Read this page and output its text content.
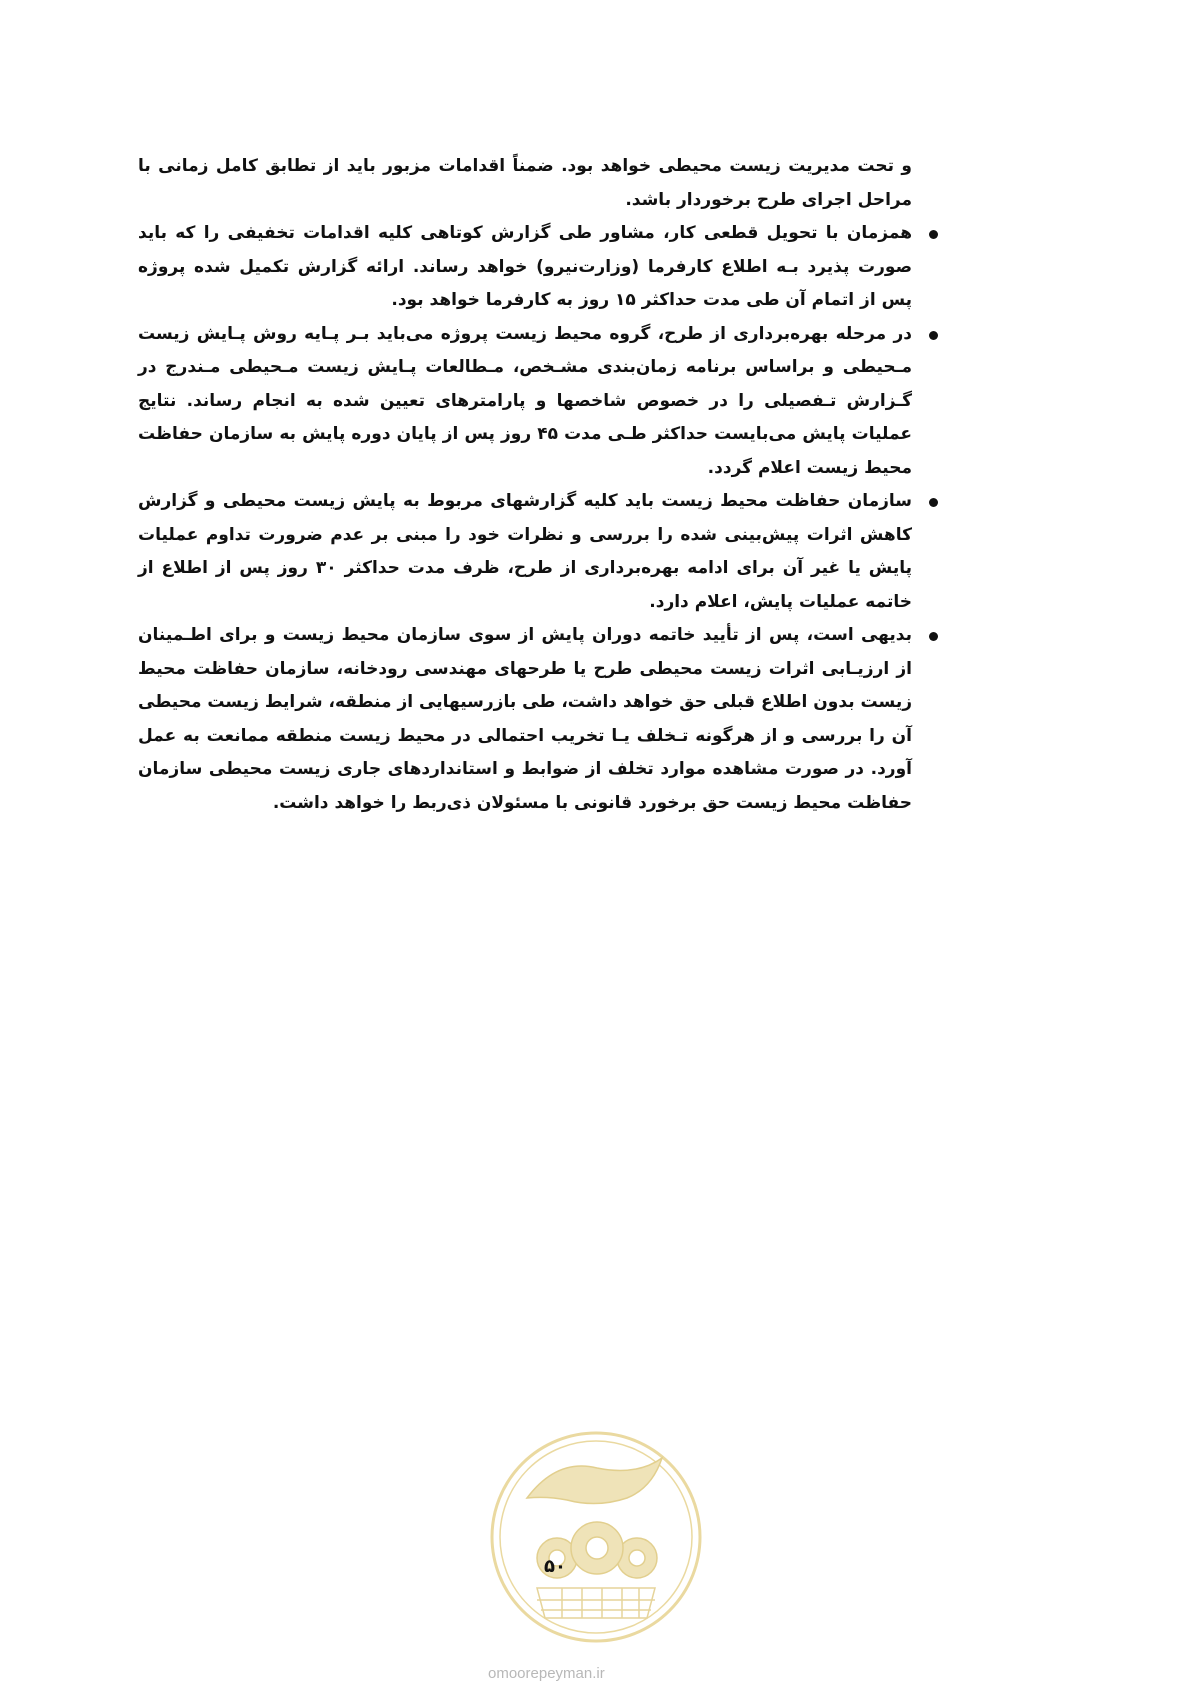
و تحت مدیریت زیست محیطی خواهد بود. ضمناً اقدامات مزبور باید از تطابق کامل زمانی با مراحل اجرای طرح برخوردار باشد.

همزمان با تحویل قطعی کار، مشاور طی گزارش کوتاهی کلیه اقدامات تخفیفی را که باید صورت پذیرد بـه اطلاع کارفرما (وزارت‌نیرو) خواهد رساند. ارائه گزارش تکمیل شده پروژه پس از اتمام آن طی مدت حداکثر ۱۵ روز به کارفرما خواهد بود.
در مرحله بهره‌برداری از طرح، گروه محیط زیست پروژه می‌باید بـر پـایه روش پـایش زیست مـحیطی و براساس برنامه زمان‌بندی مشـخص، مـطالعات پـایش زیست مـحیطی مـندرج در گـزارش تـفصیلی را در خصوص شاخصها و پارامترهای تعیین شده به انجام رساند. نتایج عملیات پایش می‌بایست حداکثر طـی مدت ۴۵ روز پس از پایان دوره پایش به سازمان حفاظت محیط زیست اعلام گردد.
سازمان حفاظت محیط زیست باید کلیه گزارشهای مربوط به پایش زیست محیطی و گزارش کاهش اثرات پیش‌بینی شده را بررسی و نظرات خود را مبنی بر عدم ضرورت تداوم عملیات پایش یا غیر آن برای ادامه بهره‌برداری از طرح، ظرف مدت حداکثر ۳۰ روز پس از اطلاع از خاتمه عملیات پایش، اعلام دارد.
بدیهی است، پس از تأیید خاتمه دوران پایش از سوی سازمان محیط زیست و برای اطـمینان از ارزیـابی اثرات زیست محیطی طرح یا طرحهای مهندسی رودخانه، سازمان حفاظت محیط زیست بدون اطلاع قبلی حق خواهد داشت، طی بازرسیهایی از منطقه، شرایط زیست محیطی آن را بررسی و از هرگونه تـخلف یـا تخریب احتمالی در محیط زیست منطقه ممانعت به عمل آورد. در صورت مشاهده موارد تخلف از ضوابط و استانداردهای جاری زیست محیطی سازمان حفاظت محیط زیست حق برخورد قانونی با مسئولان ذی‌ربط را خواهد داشت.
۵۰
omoorepeyman.ir
